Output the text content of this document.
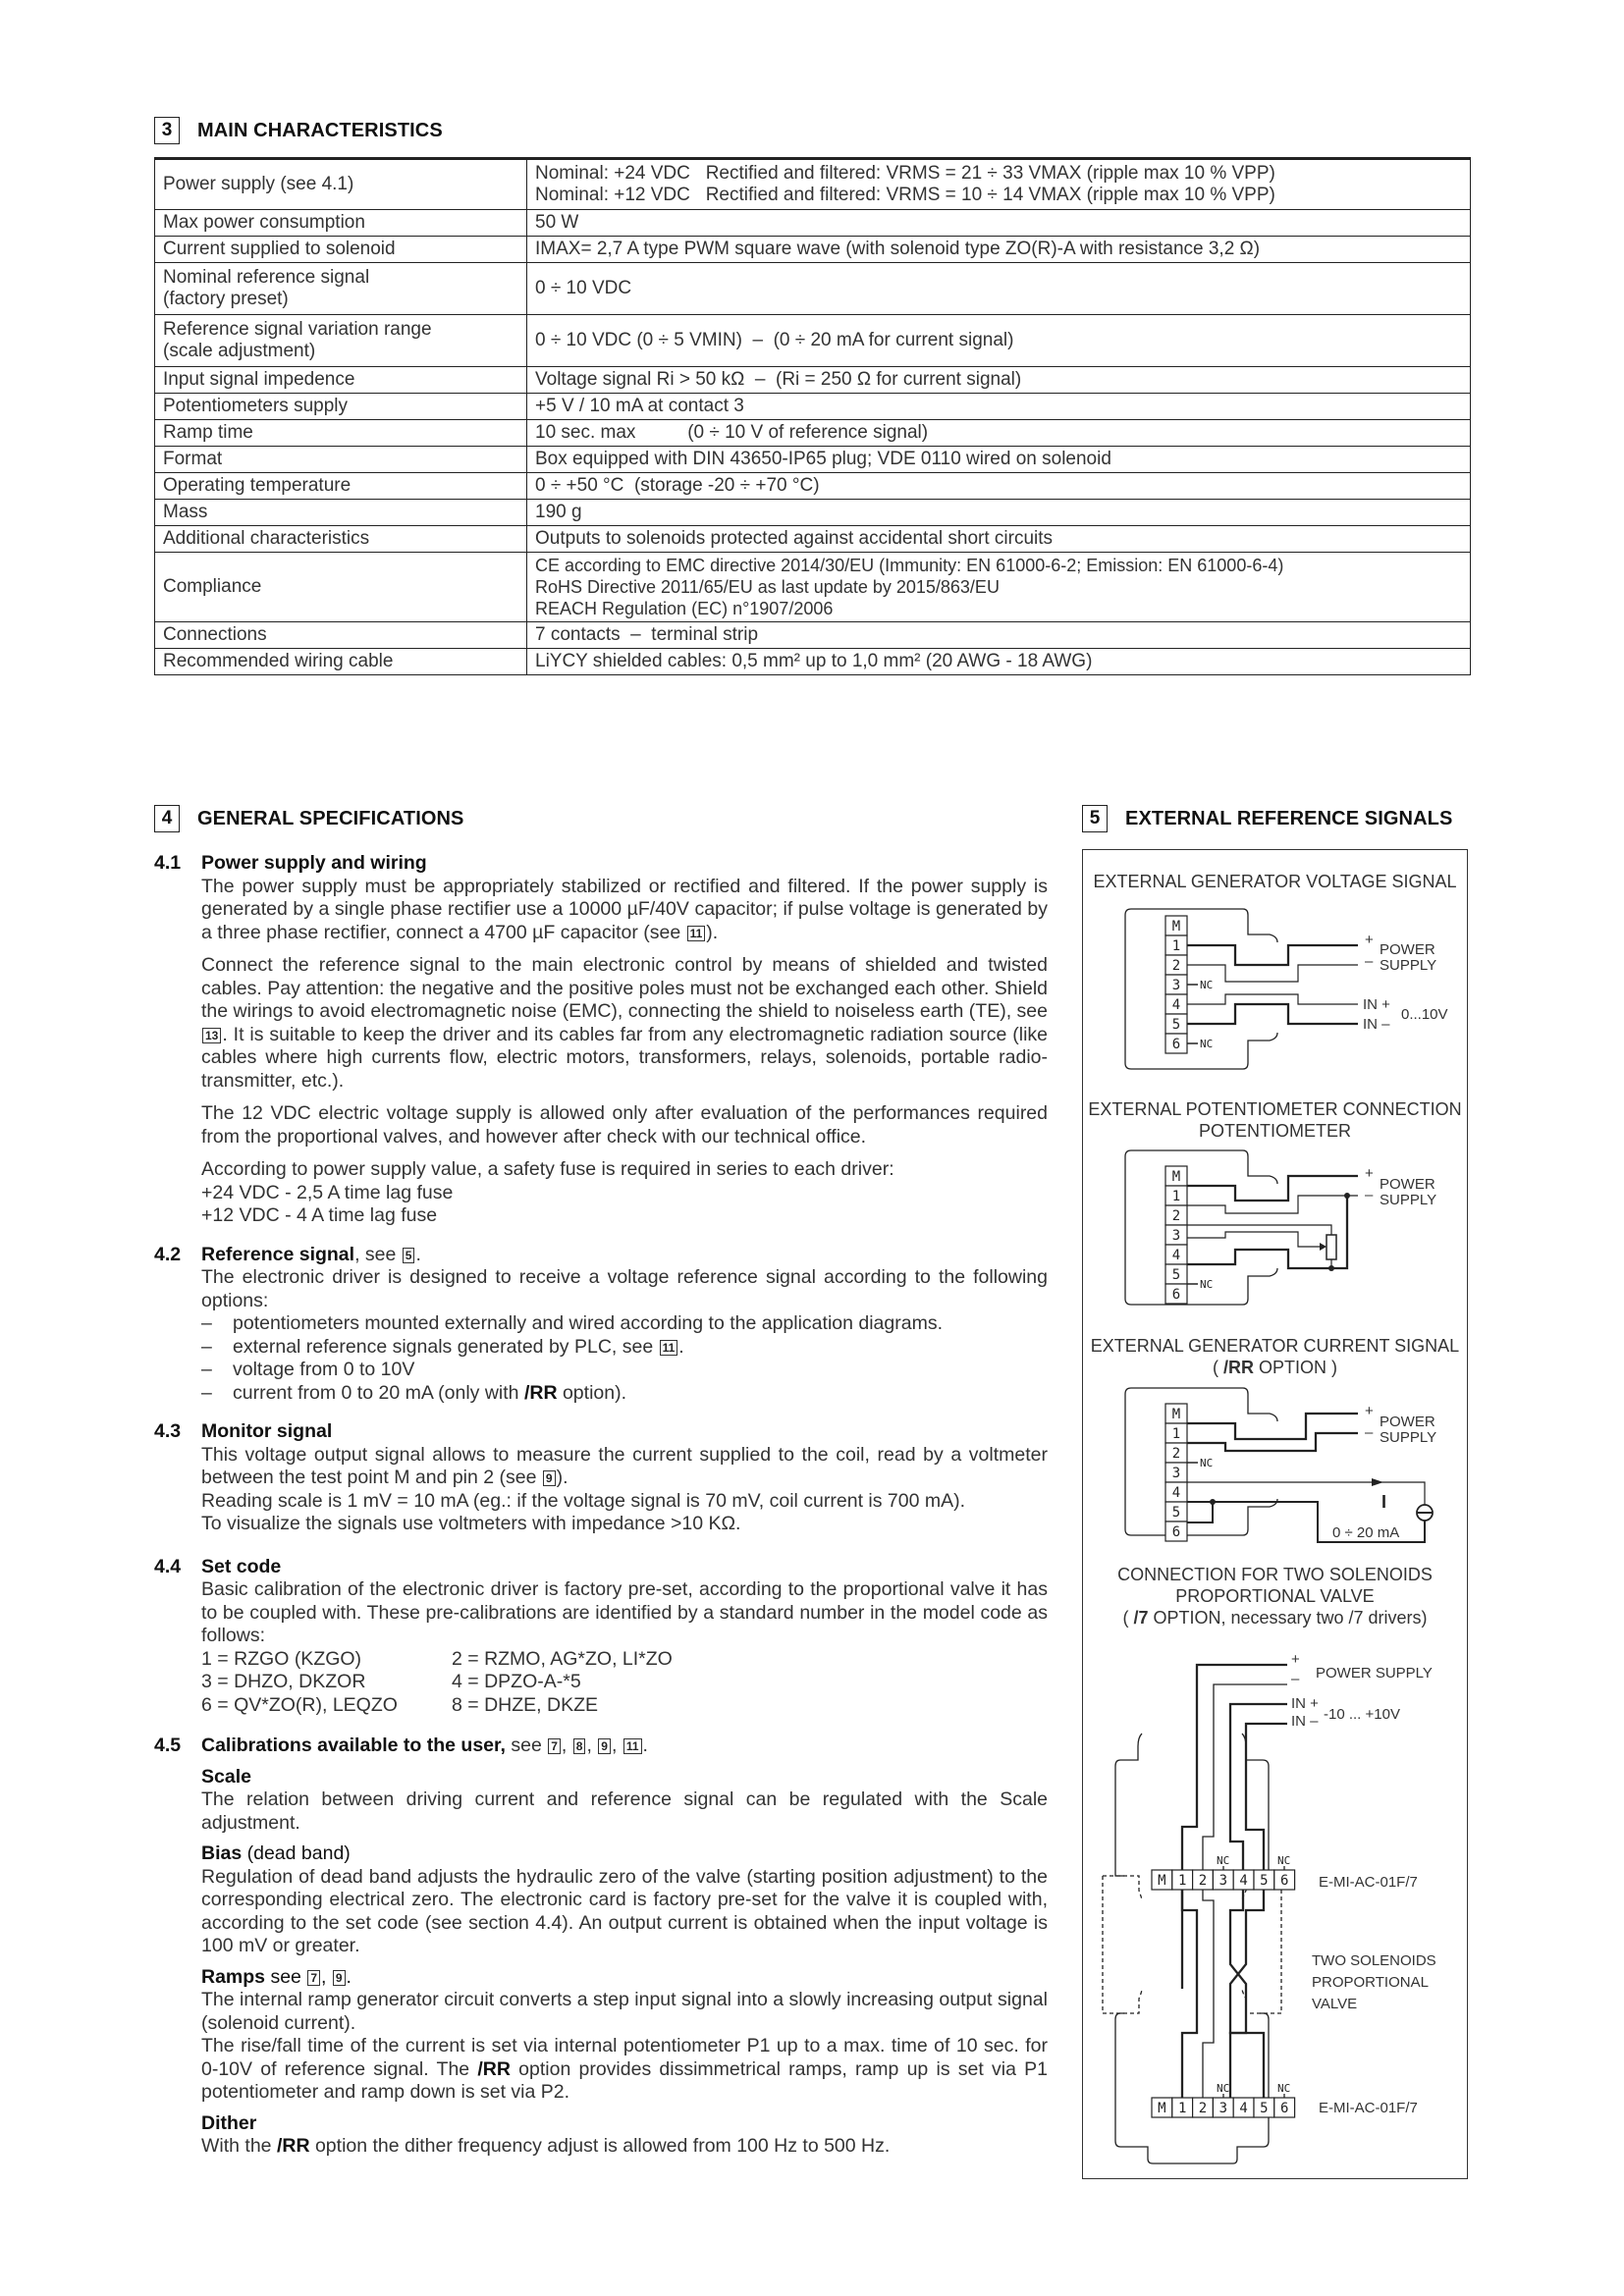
3	MAIN CHARACTERISTICS
Power supply (see 4.1)	Nominal: +24 VDC   Rectified and filtered: VRMS = 21 ÷ 33 VMAX (ripple max 10 % VPP)
Nominal: +12 VDC   Rectified and filtered: VRMS = 10 ÷ 14 VMAX (ripple max 10 % VPP)

Max power consumption	50 W

Current supplied to solenoid	IMAX= 2,7 A type PWM square wave (with solenoid type ZO(R)-A with resistance 3,2 Ω)

Nominal reference signal
(factory preset)	0 ÷ 10 VDC

Reference signal variation range
(scale adjustment)	0 ÷ 10 VDC (0 ÷ 5 VMIN)  –  (0 ÷ 20 mA for current signal)

Input signal impedence	Voltage signal Ri > 50 kΩ  –  (Ri = 250 Ω for current signal)

Potentiometers supply	+5 V / 10 mA at contact 3

Ramp time	10 sec. max          (0 ÷ 10 V of reference signal)

Format	Box equipped with DIN 43650-IP65 plug; VDE 0110 wired on solenoid

Operating temperature	0 ÷ +50 °C  (storage -20 ÷ +70 °C)

Mass	190 g

Additional characteristics	Outputs to solenoids protected against accidental short circuits

Compliance	CE according to EMC directive 2014/30/EU (Immunity: EN 61000-6-2; Emission: EN 61000-6-4)
RoHS Directive 2011/65/EU as last update by 2015/863/EU
REACH Regulation (EC) n°1907/2006

Connections	7 contacts  –  terminal strip

Recommended wiring cable	LiYCY shielded cables: 0,5 mm² up to 1,0 mm² (20 AWG - 18 AWG)
4	GENERAL SPECIFICATIONS
4.1	Power supply and wiring

The power supply must be appropriately stabilized or rectified and filtered. If the power supply is generated by a single phase rectifier use a 10000 µF/40V capacitor; if pulse voltage is generated by a three phase rectifier, connect a 4700 µF capacitor (see 11 ).

Connect the reference signal to the main electronic control by means of shielded and twisted cables. Pay attention: the negative and the positive poles must not be exchanged each other. Shield the wirings to avoid electromagnetic noise (EMC), connecting the shield to noiseless earth (TE), see 13 . It is suitable to keep the driver and its cables far from any electromagnetic radiation source (like cables where high currents flow, electric motors, transformers, relays, solenoids, portable radio-transmitter, etc.).

The 12 VDC electric voltage supply is allowed only after evaluation of the performances required from the proportional valves, and however after check with our technical office.

According to power supply value, a safety fuse is required in series to each driver:

+24 VDC - 2,5 A time lag fuse
+12 VDC - 4 A time lag fuse
4.2	Reference signal, see 5 .

The electronic driver is designed to receive a voltage reference signal according to the following options:

–	potentiometers mounted externally and wired according to the application diagrams.
–	external reference signals generated by PLC, see 11 .
–	voltage from 0 to 10V
–	current from 0 to 20 mA (only with /RR option).
4.3	Monitor signal
This voltage output signal allows to measure the current supplied to the coil, read by a voltmeter between the test point M and pin 2 (see 9 ).
Reading scale is 1 mV = 10 mA (eg.: if the voltage signal is 70 mV, coil current is 700 mA).
To visualize the signals use voltmeters with impedance >10 KΩ.
4.4	Set code
Basic calibration of the electronic driver is factory pre-set, according to the proportional valve it has to be coupled with. These pre-calibrations are identified by a standard number in the model code as follows:
1 = RZGO (KZGO)	2 = RZMO, AG*ZO, LI*ZO
3 = DHZO, DKZOR	4 = DPZO-A-*5
6 = QV*ZO(R), LEQZO	8 = DHZE, DKZE
4.5	Calibrations available to the user, see 7 , 8 , 9 , 11 .
Scale
The relation between driving current and reference signal can be regulated with the Scale adjustment.
Bias (dead band)
Regulation of dead band adjusts the hydraulic zero of the valve (starting position adjustment) to the corresponding electrical zero. The electronic card is factory pre-set for the valve it is coupled with, according to the set code (see section 4.4). An output current is obtained when the input voltage is 100 mV or greater.
Ramps see 7 , 9 .
The internal ramp generator circuit converts a step input signal into a slowly increasing output signal (solenoid current).
The rise/fall time of the current is set via internal potentiometer P1 up to a max. time of 10 sec. for 0-10V of reference signal. The /RR option provides dissimmetrical ramps, ramp up is set via P1 potentiometer and ramp down is set via P2.
Dither
With the /RR option the dither frequency adjust is allowed from 100 Hz to 500 Hz.
5	EXTERNAL REFERENCE SIGNALS
EXTERNAL GENERATOR VOLTAGE SIGNAL
M
1
2
3
4
5
6
NC
NC
+
–
POWER
SUPPLY
IN +
IN –
0...10V
EXTERNAL POTENTIOMETER CONNECTION
POTENTIOMETER
M
1
2
3
4
5
6
NC
+
–
POWER
SUPPLY
EXTERNAL GENERATOR CURRENT SIGNAL
( /RR OPTION )
M
1
2
3
4
5
6
NC
I
0 ÷ 20 mA
+
–
POWER
SUPPLY
CONNECTION FOR TWO SOLENOIDS
PROPORTIONAL VALVE
( /7 OPTION, necessary two /7 drivers)
M 1 2 3 4 5 6
M 1 2 3 4 5 6
NC	NC
NC	NC
+
– POWER SUPPLY
IN +
IN – -10 ... +10V
E-MI-AC-01F/7
E-MI-AC-01F/7
TWO SOLENOIDS
PROPORTIONAL
VALVE
